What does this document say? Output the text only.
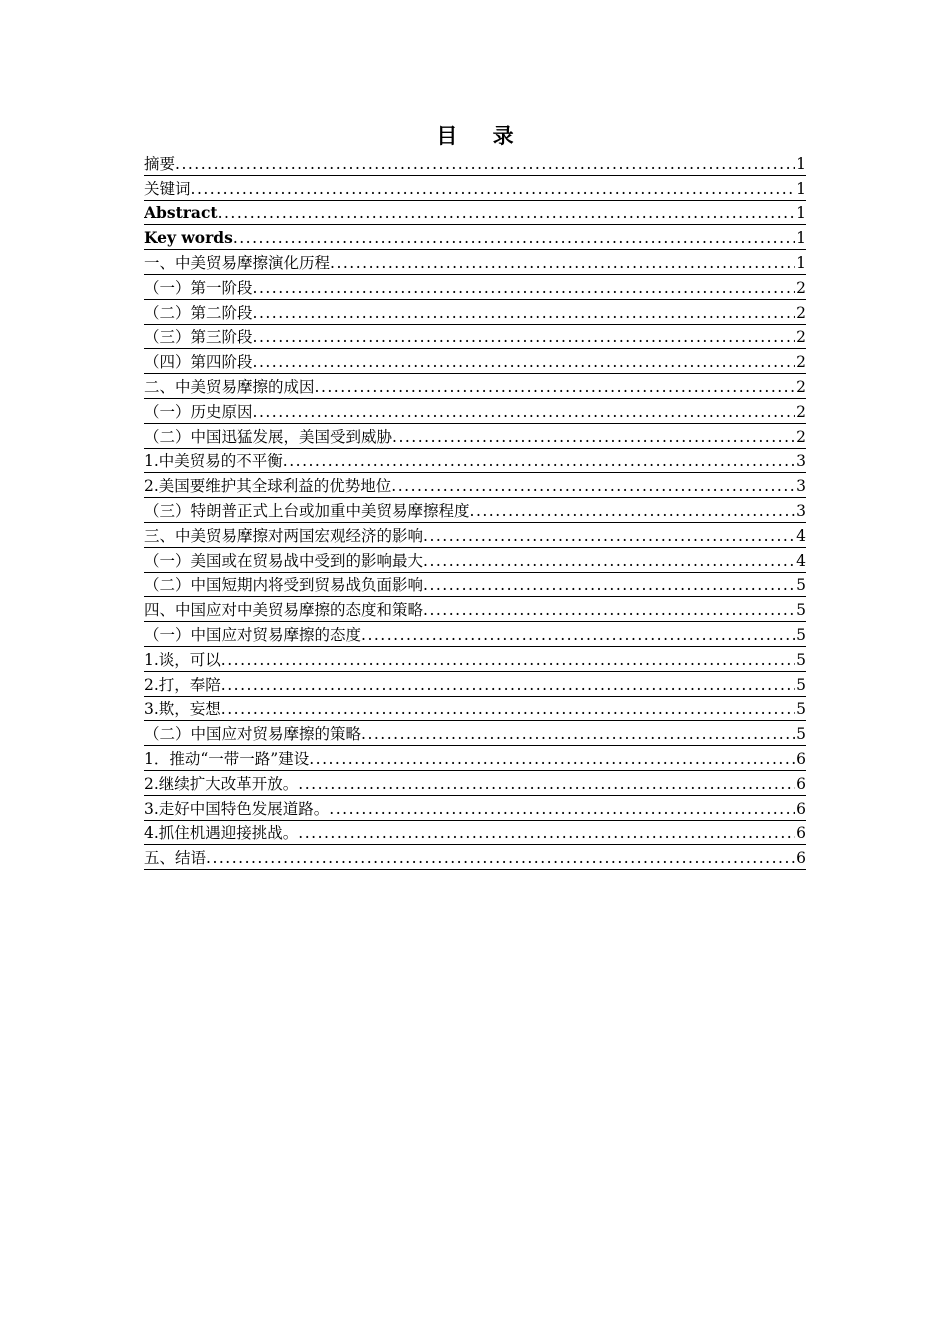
目 录
摘要 .....	1
关键词 .....	1
Abstract .....	1
Key words .....	1
一、中美贸易摩擦演化历程 .....	1
（一）第一阶段 .....	2
（二）第二阶段 .....	2
（三）第三阶段 .....	2
（四）第四阶段 .....	2
二、中美贸易摩擦的成因 .....	2
（一）历史原因 .....	2
（二）中国迅猛发展，美国受到威胁 .....	2
1.中美贸易的不平衡 .....	3
2.美国要维护其全球利益的优势地位 .....	3
（三）特朗普正式上台或加重中美贸易摩擦程度 .....	3
三、中美贸易摩擦对两国宏观经济的影响 .....	4
（一）美国或在贸易战中受到的影响最大 .....	4
（二）中国短期内将受到贸易战负面影响 .....	5
四、中国应对中美贸易摩擦的态度和策略 .....	5
（一）中国应对贸易摩擦的态度 .....	5
1.谈，可以 .....	5
2.打，奉陪 .....	5
3.欺，妄想 .....	5
（二）中国应对贸易摩擦的策略 .....	5
1．推动“一带一路”建设 .....	6
2.继续扩大改革开放。 .....	6
3.走好中国特色发展道路。 .....	6
4.抓住机遇迎接挑战。 .....	6
五、结语 .....	6
